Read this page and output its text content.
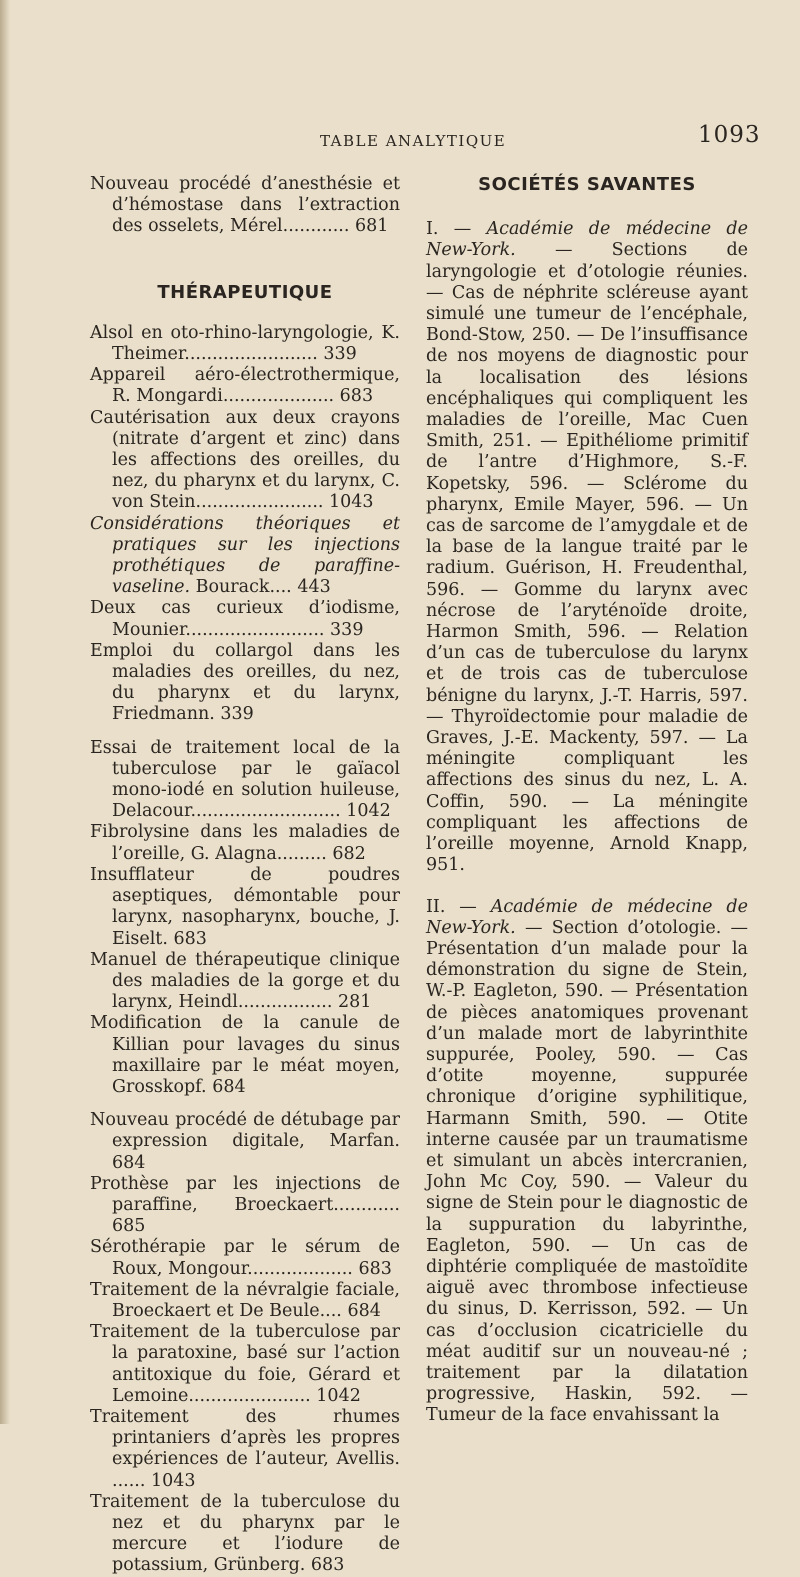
TABLE ANALYTIQUE	1093
Nouveau procédé d’anesthésie et d’hémostase dans l’extraction des osselets, Mérel............ 681
THÉRAPEUTIQUE
Alsol en oto-rhino-laryngologie, K. Theimer........................ 339
Appareil aéro-électrothermique, R. Mongardi.................... 683
Cautérisation aux deux crayons (nitrate d’argent et zinc) dans les affections des oreilles, du nez, du pharynx et du larynx, C. von Stein....................... 1043
Considérations théoriques et pratiques sur les injections prothétiques de paraffine-vaseline. Bourack.... 443
Deux cas curieux d’iodisme, Mounier......................... 339
Emploi du collargol dans les maladies des oreilles, du nez, du pharynx et du larynx, Friedmann. 339
Essai de traitement local de la tuberculose par le gaïacol mono-iodé en solution huileuse, Delacour........................... 1042
Fibrolysine dans les maladies de l’oreille, G. Alagna......... 682
Insufflateur de poudres aseptiques, démontable pour larynx, nasopharynx, bouche, J. Eiselt. 683
Manuel de thérapeutique clinique des maladies de la gorge et du larynx, Heindl................. 281
Modification de la canule de Killian pour lavages du sinus maxillaire par le méat moyen, Grosskopf. 684
Nouveau procédé de détubage par expression digitale, Marfan. 684
Prothèse par les injections de paraffine, Broeckaert............ 685
Sérothérapie par le sérum de Roux, Mongour................... 683
Traitement de la névralgie faciale, Broeckaert et De Beule.... 684
Traitement de la tuberculose par la paratoxine, basé sur l’action antitoxique du foie, Gérard et Lemoine...................... 1042
Traitement des rhumes printaniers d’après les propres expériences de l’auteur, Avellis. ...... 1043
Traitement de la tuberculose du nez et du pharynx par le mercure et l’iodure de potassium, Grünberg. 683
SOCIÉTÉS SAVANTES
I. — Académie de médecine de New-York. — Sections de laryngologie et d’otologie réunies. — Cas de néphrite scléreuse ayant simulé une tumeur de l’encéphale, Bond-Stow, 250. — De l’insuffisance de nos moyens de diagnostic pour la localisation des lésions encéphaliques qui compliquent les maladies de l’oreille, Mac Cuen Smith, 251. — Epithéliome primitif de l’antre d’Highmore, S.-F. Kopetsky, 596. — Sclérome du pharynx, Emile Mayer, 596. — Un cas de sarcome de l’amygdale et de la base de la langue traité par le radium. Guérison, H. Freudenthal, 596. — Gomme du larynx avec nécrose de l’aryténoïde droite, Harmon Smith, 596. — Relation d’un cas de tuberculose du larynx et de trois cas de tuberculose bénigne du larynx, J.-T. Harris, 597. — Thyroïdectomie pour maladie de Graves, J.-E. Mackenty, 597. — La méningite compliquant les affections des sinus du nez, L. A. Coffin, 590. — La méningite compliquant les affections de l’oreille moyenne, Arnold Knapp, 951.
II. — Académie de médecine de New-York. — Section d’otologie. — Présentation d’un malade pour la démonstration du signe de Stein, W.-P. Eagleton, 590. — Présentation de pièces anatomiques provenant d’un malade mort de labyrinthite suppurée, Pooley, 590. — Cas d’otite moyenne, suppurée chronique d’origine syphilitique, Harmann Smith, 590. — Otite interne causée par un traumatisme et simulant un abcès intercranien, John Mc Coy, 590. — Valeur du signe de Stein pour le diagnostic de la suppuration du labyrinthe, Eagleton, 590. — Un cas de diphtérie compliquée de mastoïdite aiguë avec thrombose infectieuse du sinus, D. Kerrisson, 592. — Un cas d’occlusion cicatricielle du méat auditif sur un nouveau-né ; traitement par la dilatation progressive, Haskin, 592. — Tumeur de la face envahissant la
